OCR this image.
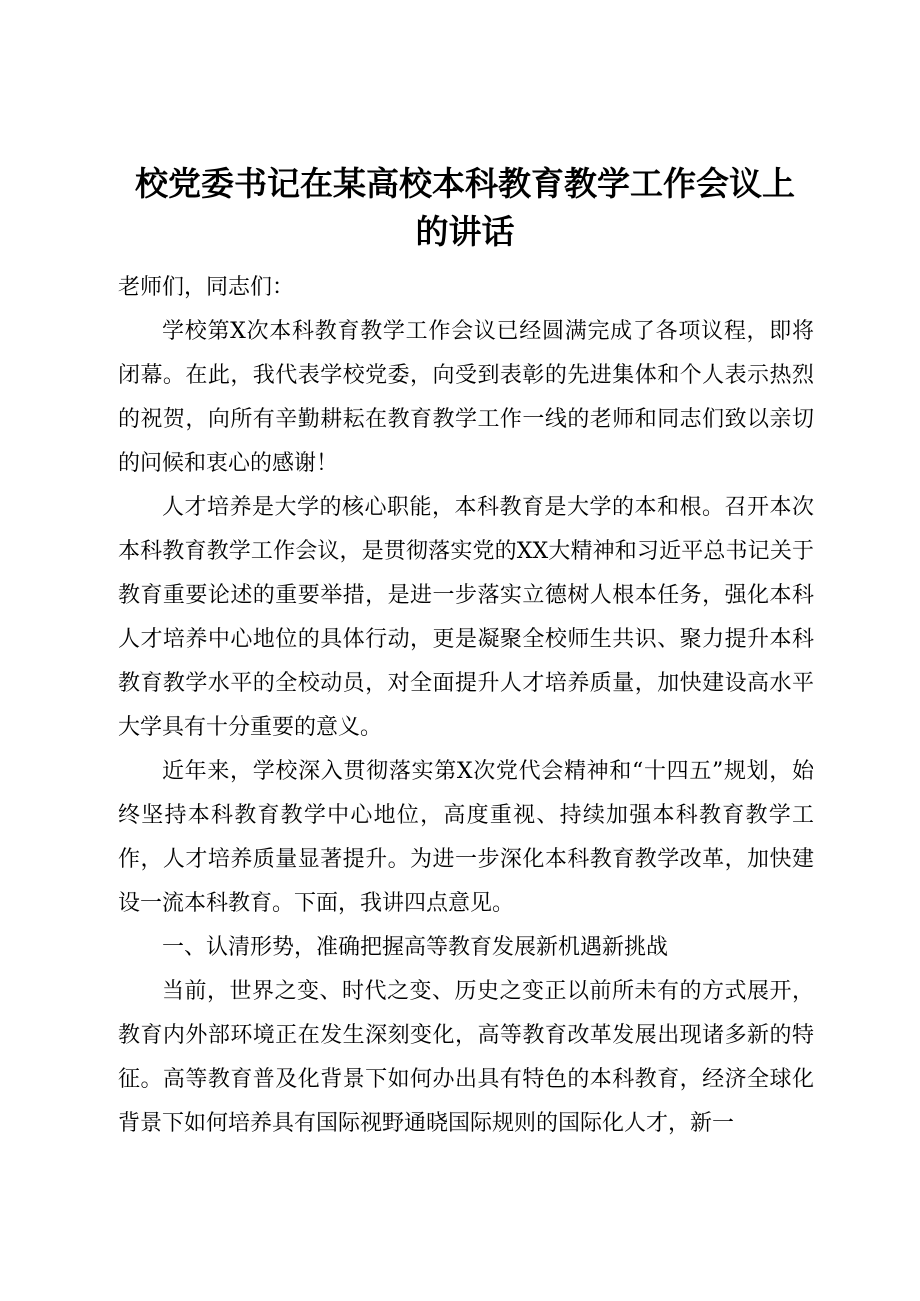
校党委书记在某高校本科教育教学工作会议上
的讲话

老师们，同志们：

学校第X次本科教育教学工作会议已经圆满完成了各项议程，即将闭幕。在此，我代表学校党委，向受到表彰的先进集体和个人表示热烈的祝贺，向所有辛勤耕耘在教育教学工作一线的老师和同志们致以亲切的问候和衷心的感谢！

人才培养是大学的核心职能，本科教育是大学的本和根。召开本次本科教育教学工作会议，是贯彻落实党的XX大精神和习近平总书记关于教育重要论述的重要举措，是进一步落实立德树人根本任务，强化本科人才培养中心地位的具体行动，更是凝聚全校师生共识、聚力提升本科教育教学水平的全校动员，对全面提升人才培养质量，加快建设高水平大学具有十分重要的意义。

近年来，学校深入贯彻落实第X次党代会精神和“十四五”规划，始终坚持本科教育教学中心地位，高度重视、持续加强本科教育教学工作，人才培养质量显著提升。为进一步深化本科教育教学改革，加快建设一流本科教育。下面，我讲四点意见。

一、认清形势，准确把握高等教育发展新机遇新挑战

当前，世界之变、时代之变、历史之变正以前所未有的方式展开，教育内外部环境正在发生深刻变化，高等教育改革发展出现诸多新的特征。高等教育普及化背景下如何办出具有特色的本科教育，经济全球化背景下如何培养具有国际视野通晓国际规则的国际化人才，新一
